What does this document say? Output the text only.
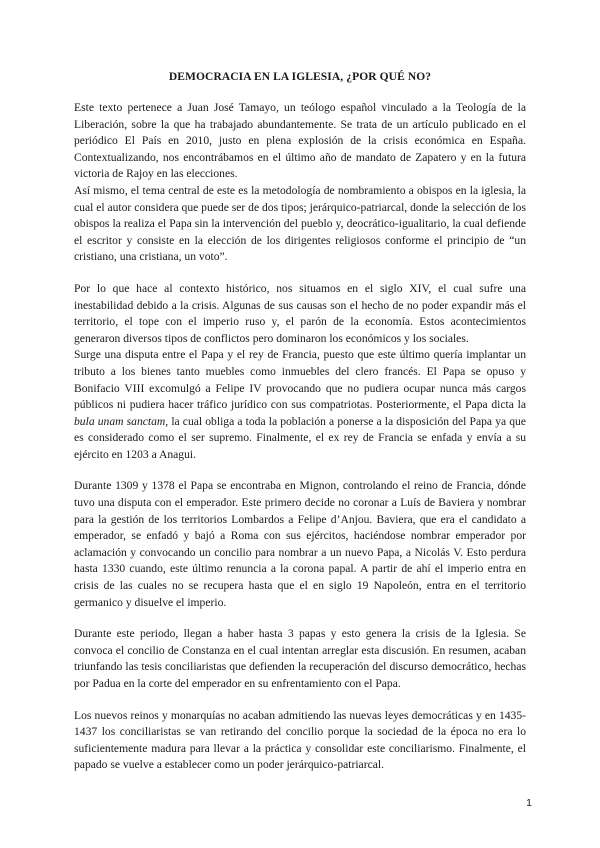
DEMOCRACIA EN LA IGLESIA, ¿POR QUÉ NO?

Este texto pertenece a Juan José Tamayo, un teólogo español vinculado a la Teología de la Liberación, sobre la que ha trabajado abundantemente. Se trata de un artículo publicado en el periódico El País en 2010, justo en plena explosión de la crisis económica en España. Contextualizando, nos encontrábamos en el último año de mandato de Zapatero y en la futura victoria de Rajoy en las elecciones.

Así mismo, el tema central de este es la metodología de nombramiento a obispos en la iglesia, la cual el autor considera que puede ser de dos tipos; jerárquico-patriarcal, donde la selección de los obispos la realiza el Papa sin la intervención del pueblo y, deocrático-igualitario, la cual defiende el escritor y consiste en la elección de los dirigentes religiosos conforme el principio de “un cristiano, una cristiana, un voto”.

Por lo que hace al contexto histórico, nos situamos en el siglo XIV, el cual sufre una inestabilidad debido a la crisis. Algunas de sus causas son el hecho de no poder expandir más el territorio, el tope con el imperio ruso y, el parón de la economía. Estos acontecimientos generaron diversos tipos de conflictos pero dominaron los económicos y los sociales.

Surge una disputa entre el Papa y el rey de Francia, puesto que este último quería implantar un tributo a los bienes tanto muebles como inmuebles del clero francés. El Papa se opuso y Bonifacio VIII excomulgó a Felipe IV provocando que no pudiera ocupar nunca más cargos públicos ni pudiera hacer tráfico jurídico con sus compatriotas. Posteriormente, el Papa dicta la bula unam sanctam, la cual obliga a toda la población a ponerse a la disposición del Papa ya que es considerado como el ser supremo. Finalmente, el ex rey de Francia se enfada y envía a su ejército en 1203 a Anagui.

Durante 1309 y 1378 el Papa se encontraba en Mignon, controlando el reino de Francia, dónde tuvo una disputa con el emperador. Este primero decide no coronar a Luís de Baviera y nombrar para la gestión de los territorios Lombardos a Felipe d’Anjou. Baviera, que era el candidato a emperador, se enfadó y bajó a Roma con sus ejércitos, haciéndose nombrar emperador por aclamación y convocando un concilio para nombrar a un nuevo Papa, a Nicolás V. Esto perdura hasta 1330 cuando, este último renuncia a la corona papal. A partir de ahí el imperio entra en crisis de las cuales no se recupera hasta que el en siglo 19 Napoleón, entra en el territorio germanico y disuelve el imperio.

Durante este periodo, llegan a haber hasta 3 papas y esto genera la crisis de la Iglesia. Se convoca el concilio de Constanza en el cual intentan arreglar esta discusión. En resumen, acaban triunfando las tesis conciliaristas que defienden la recuperación del discurso democrático, hechas por Padua en la corte del emperador en su enfrentamiento con el Papa.

Los nuevos reinos y monarquías no acaban admitiendo las nuevas leyes democráticas y en 1435-1437 los conciliaristas se van retirando del concilio porque la sociedad de la época no era lo suficientemente madura para llevar a la práctica y consolidar este conciliarismo. Finalmente, el papado se vuelve a establecer como un poder jerárquico-patriarcal.

1
